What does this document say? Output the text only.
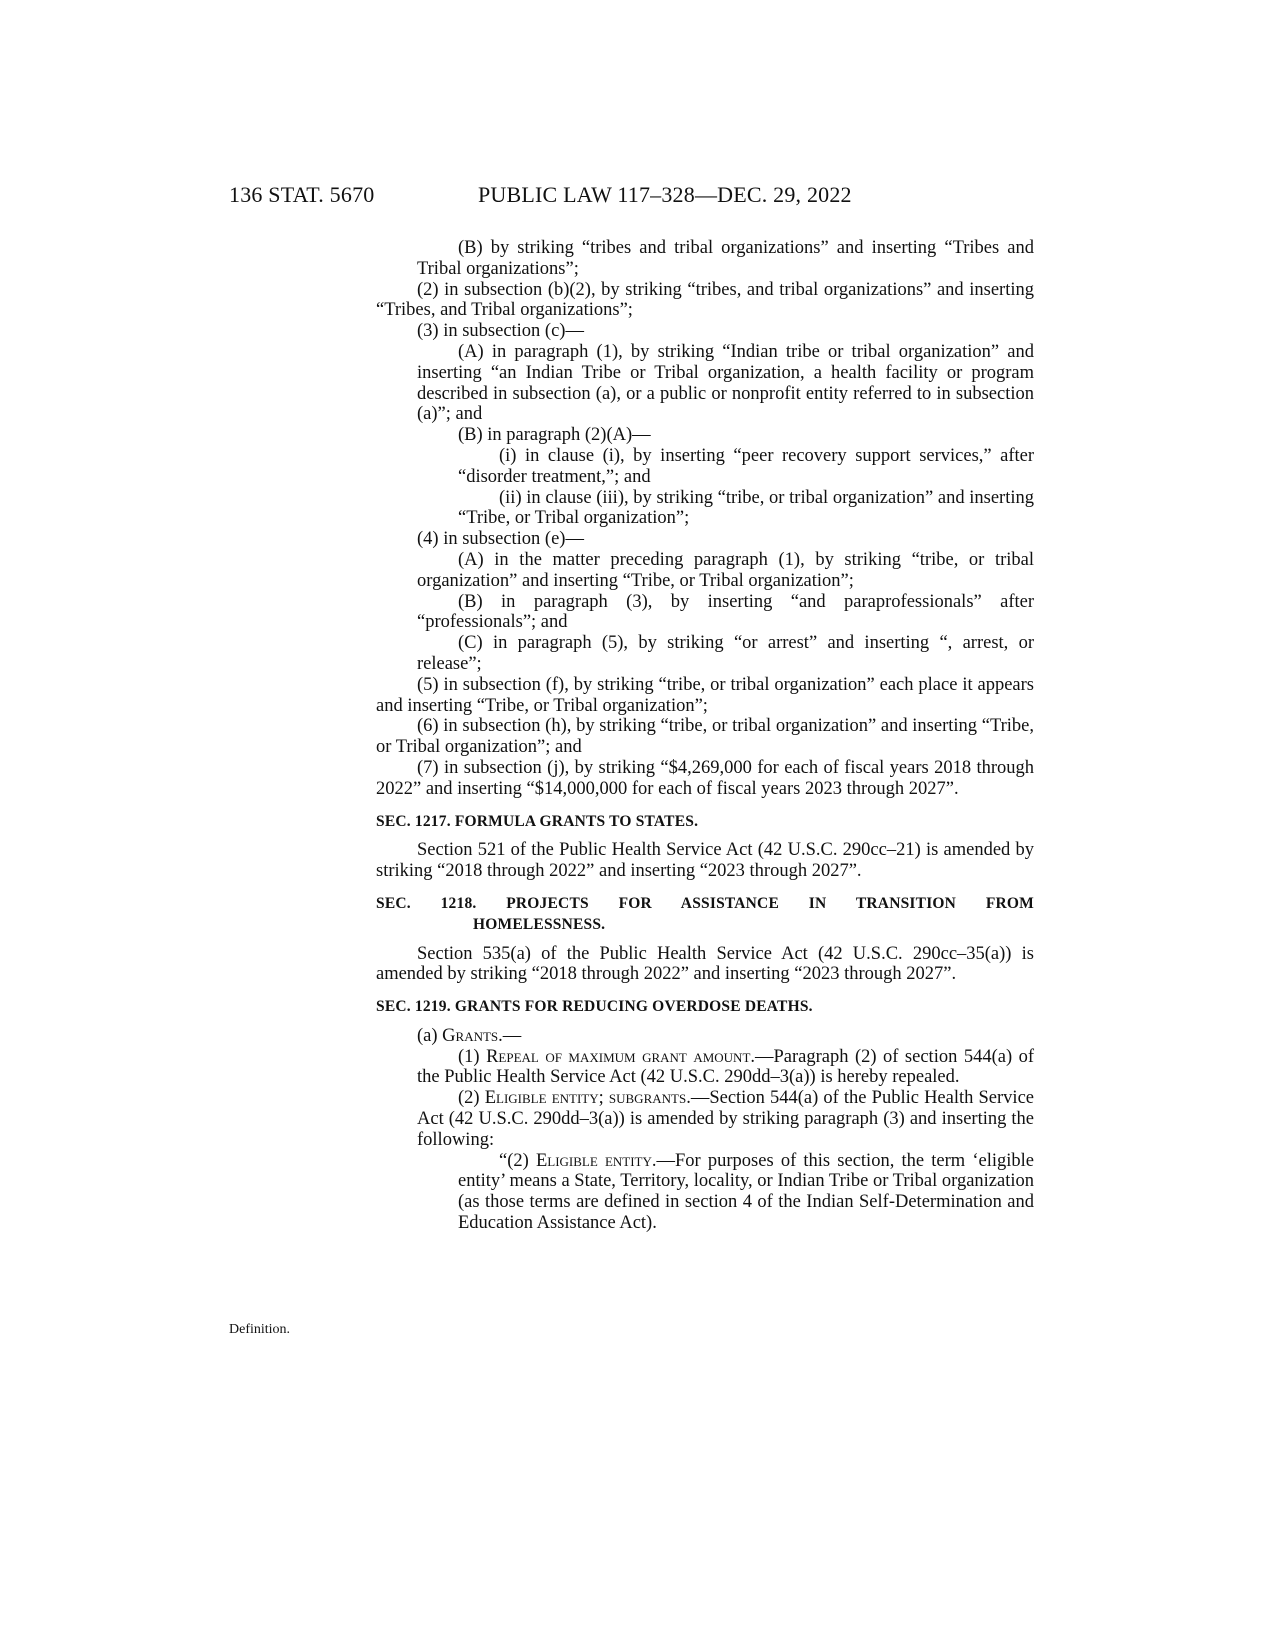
136 STAT. 5670	PUBLIC LAW 117–328—DEC. 29, 2022
Definition.

(B) by striking “tribes and tribal organizations” and inserting “Tribes and Tribal organizations”;

(2) in subsection (b)(2), by striking “tribes, and tribal organizations” and inserting “Tribes, and Tribal organizations”;

(3) in subsection (c)—

(A) in paragraph (1), by striking “Indian tribe or tribal organization” and inserting “an Indian Tribe or Tribal organization, a health facility or program described in subsection (a), or a public or nonprofit entity referred to in subsection (a)”; and

(B) in paragraph (2)(A)—

(i) in clause (i), by inserting “peer recovery support services,” after “disorder treatment,”; and

(ii) in clause (iii), by striking “tribe, or tribal organization” and inserting “Tribe, or Tribal organization”;

(4) in subsection (e)—

(A) in the matter preceding paragraph (1), by striking “tribe, or tribal organization” and inserting “Tribe, or Tribal organization”;

(B) in paragraph (3), by inserting “and paraprofessionals” after “professionals”; and

(C) in paragraph (5), by striking “or arrest” and inserting “, arrest, or release”;

(5) in subsection (f), by striking “tribe, or tribal organization” each place it appears and inserting “Tribe, or Tribal organization”;

(6) in subsection (h), by striking “tribe, or tribal organization” and inserting “Tribe, or Tribal organization”; and

(7) in subsection (j), by striking “$4,269,000 for each of fiscal years 2018 through 2022” and inserting “$14,000,000 for each of fiscal years 2023 through 2027”.

SEC. 1217. FORMULA GRANTS TO STATES.

Section 521 of the Public Health Service Act (42 U.S.C. 290cc–21) is amended by striking “2018 through 2022” and inserting “2023 through 2027”.

SEC. 1218. PROJECTS FOR ASSISTANCE IN TRANSITION FROM
HOMELESSNESS.

Section 535(a) of the Public Health Service Act (42 U.S.C. 290cc–35(a)) is amended by striking “2018 through 2022” and inserting “2023 through 2027”.

SEC. 1219. GRANTS FOR REDUCING OVERDOSE DEATHS.

(a) Grants.—

(1) Repeal of maximum grant amount.—Paragraph (2) of section 544(a) of the Public Health Service Act (42 U.S.C. 290dd–3(a)) is hereby repealed.

(2) Eligible entity; subgrants.—Section 544(a) of the Public Health Service Act (42 U.S.C. 290dd–3(a)) is amended by striking paragraph (3) and inserting the following:

“(2) Eligible entity.—For purposes of this section, the term ‘eligible entity’ means a State, Territory, locality, or Indian Tribe or Tribal organization (as those terms are defined in section 4 of the Indian Self-Determination and Education Assistance Act).
